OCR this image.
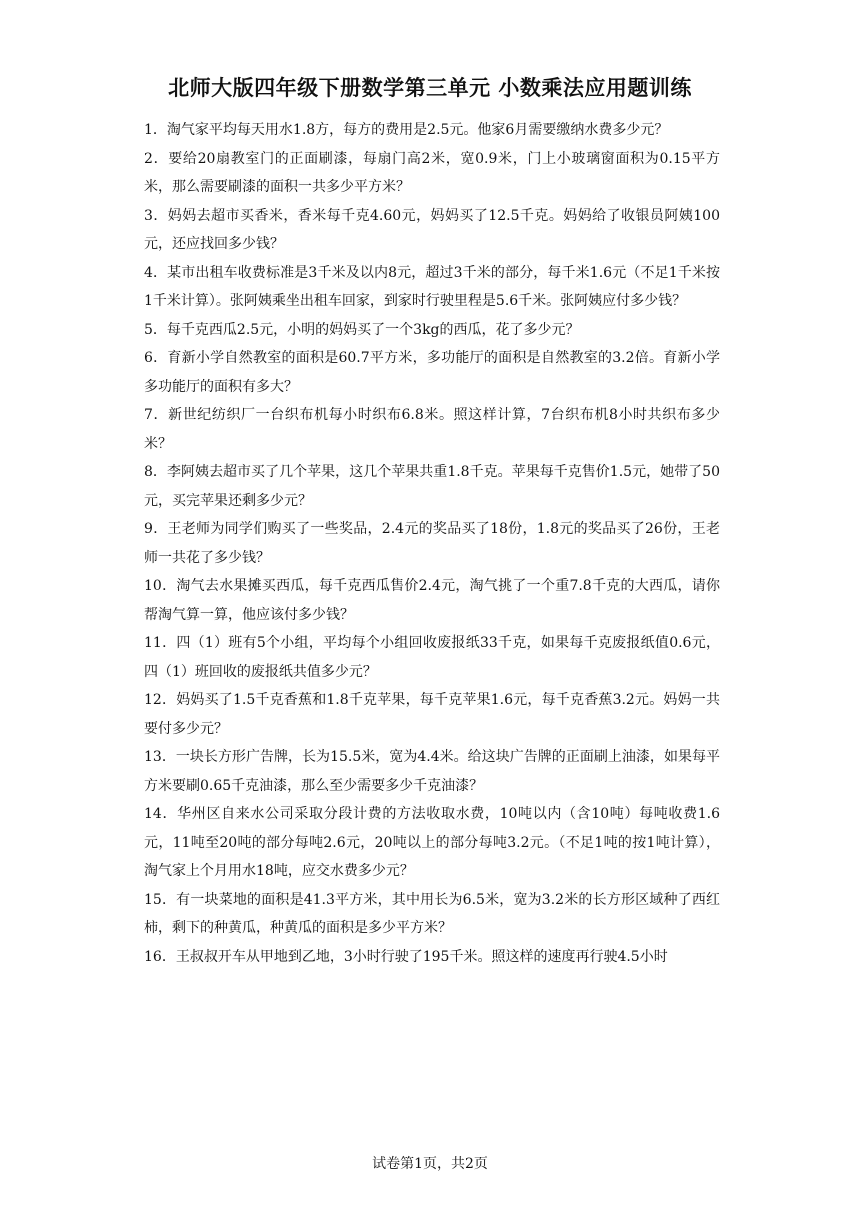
北师大版四年级下册数学第三单元 小数乘法应用题训练
1．淘气家平均每天用水1.8方，每方的费用是2.5元。他家6月需要缴纳水费多少元？
2．要给20扇教室门的正面刷漆，每扇门高2米，宽0.9米，门上小玻璃窗面积为0.15平方米，那么需要刷漆的面积一共多少平方米？
3．妈妈去超市买香米，香米每千克4.60元，妈妈买了12.5千克。妈妈给了收银员阿姨100元，还应找回多少钱？
4．某市出租车收费标准是3千米及以内8元，超过3千米的部分，每千米1.6元（不足1千米按1千米计算）。张阿姨乘坐出租车回家，到家时行驶里程是5.6千米。张阿姨应付多少钱？
5．每千克西瓜2.5元，小明的妈妈买了一个3kg的西瓜，花了多少元？
6．育新小学自然教室的面积是60.7平方米，多功能厅的面积是自然教室的3.2倍。育新小学多功能厅的面积有多大？
7．新世纪纺织厂一台织布机每小时织布6.8米。照这样计算，7台织布机8小时共织布多少米？
8．李阿姨去超市买了几个苹果，这几个苹果共重1.8千克。苹果每千克售价1.5元，她带了50元，买完苹果还剩多少元？
9．王老师为同学们购买了一些奖品，2.4元的奖品买了18份，1.8元的奖品买了26份，王老师一共花了多少钱？
10．淘气去水果摊买西瓜，每千克西瓜售价2.4元，淘气挑了一个重7.8千克的大西瓜，请你帮淘气算一算，他应该付多少钱？
11．四（1）班有5个小组，平均每个小组回收废报纸33千克，如果每千克废报纸值0.6元，四（1）班回收的废报纸共值多少元？
12．妈妈买了1.5千克香蕉和1.8千克苹果，每千克苹果1.6元，每千克香蕉3.2元。妈妈一共要付多少元？
13．一块长方形广告牌，长为15.5米，宽为4.4米。给这块广告牌的正面刷上油漆，如果每平方米要刷0.65千克油漆，那么至少需要多少千克油漆？
14．华州区自来水公司采取分段计费的方法收取水费，10吨以内（含10吨）每吨收费1.6元，11吨至20吨的部分每吨2.6元，20吨以上的部分每吨3.2元。（不足1吨的按1吨计算），淘气家上个月用水18吨，应交水费多少元？
15．有一块菜地的面积是41.3平方米，其中用长为6.5米，宽为3.2米的长方形区域种了西红柿，剩下的种黄瓜，种黄瓜的面积是多少平方米？
16．王叔叔开车从甲地到乙地，3小时行驶了195千米。照这样的速度再行驶4.5小时
试卷第1页，共2页
